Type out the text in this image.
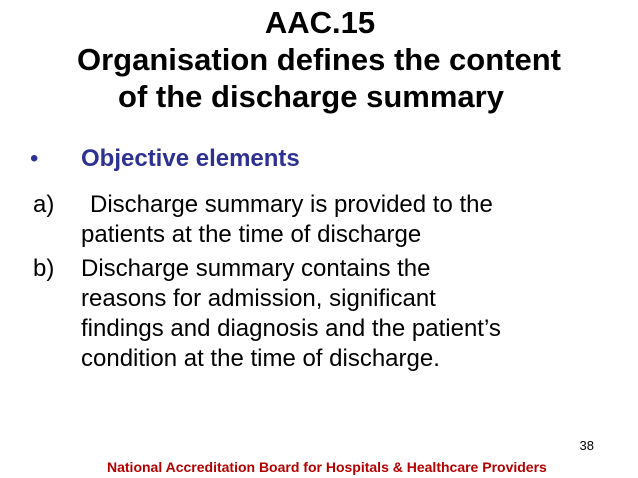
AAC.15
Organisation defines the content
of the discharge summary
• Objective elements
a)	Discharge summary is provided to the
patients at the time of discharge
b) Discharge summary contains the
reasons for admission, significant
findings and diagnosis and the patient’s
condition at the time of discharge.
38
National Accreditation Board for Hospitals & Healthcare Providers
